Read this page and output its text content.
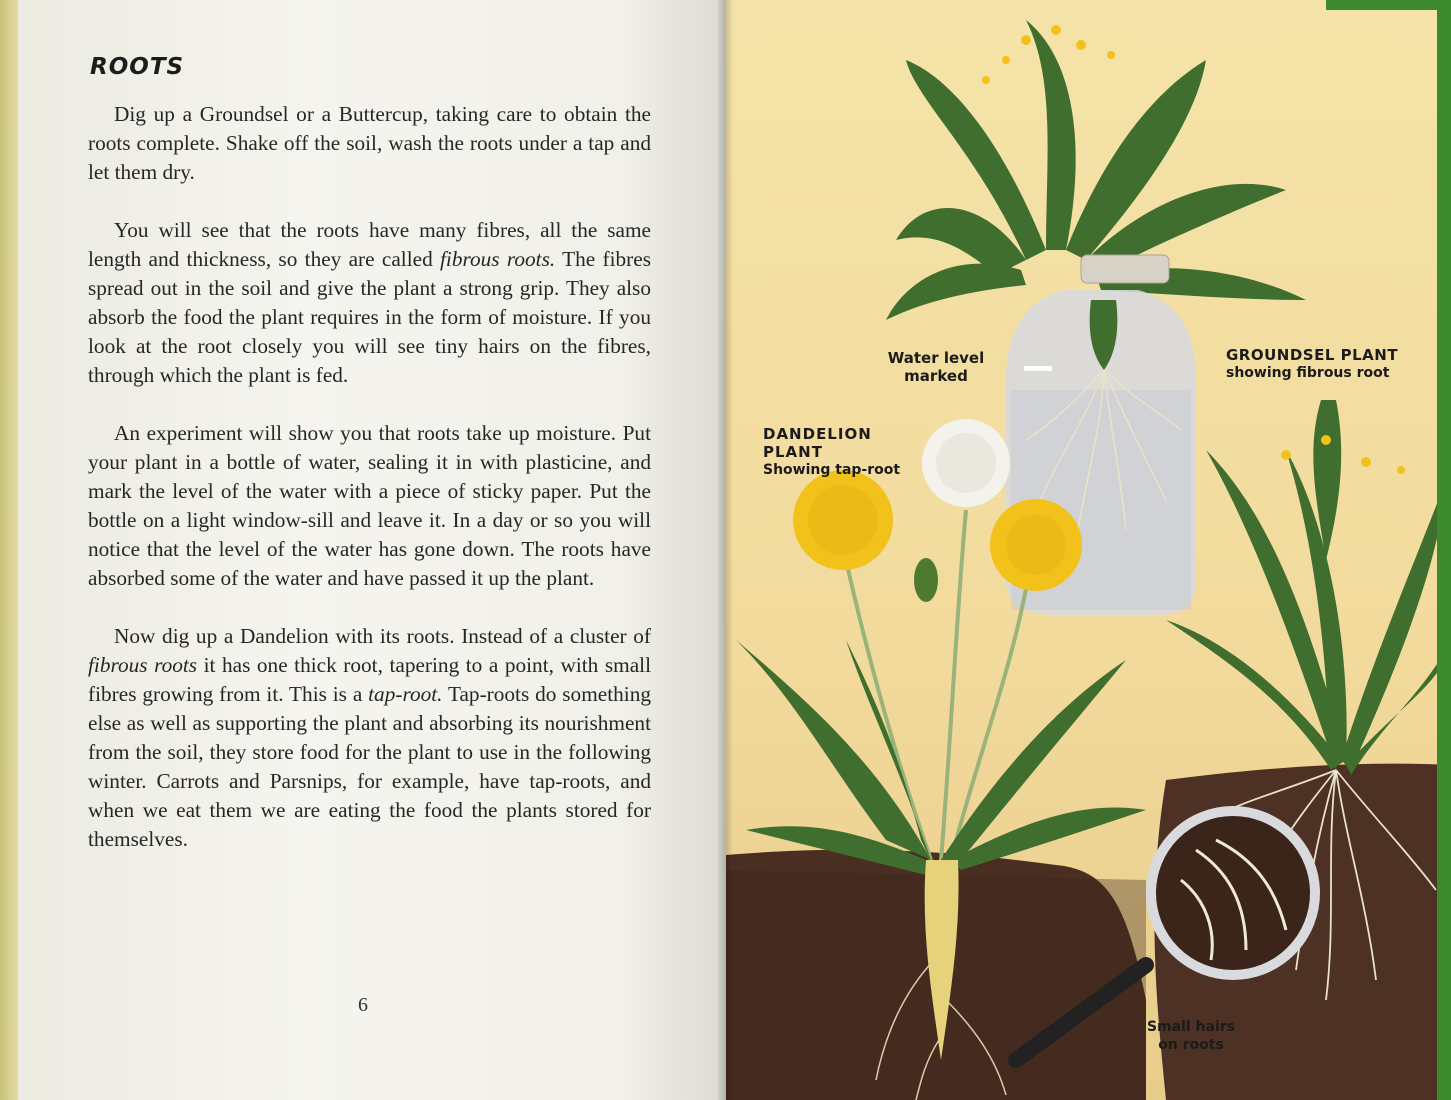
ROOTS

Dig up a Groundsel or a Buttercup, taking care to obtain the roots complete. Shake off the soil, wash the roots under a tap and let them dry.

You will see that the roots have many fibres, all the same length and thickness, so they are called fibrous roots. The fibres spread out in the soil and give the plant a strong grip. They also absorb the food the plant requires in the form of moisture. If you look at the root closely you will see tiny hairs on the fibres, through which the plant is fed.

An experiment will show you that roots take up moisture. Put your plant in a bottle of water, sealing it in with plasticine, and mark the level of the water with a piece of sticky paper. Put the bottle on a light window-sill and leave it. In a day or so you will notice that the level of the water has gone down. The roots have absorbed some of the water and have passed it up the plant.

Now dig up a Dandelion with its roots. Instead of a cluster of fibrous roots it has one thick root, tapering to a point, with small fibres growing from it. This is a tap-root. Tap-roots do something else as well as supporting the plant and absorbing its nourishment from the soil, they store food for the plant to use in the following winter. Carrots and Parsnips, for example, have tap-roots, and when we eat them we are eating the food the plants stored for themselves.

6
Water level
marked
GROUNDSEL PLANT
showing fibrous root
DANDELION
PLANT
Showing tap-root
Small hairs
on roots
